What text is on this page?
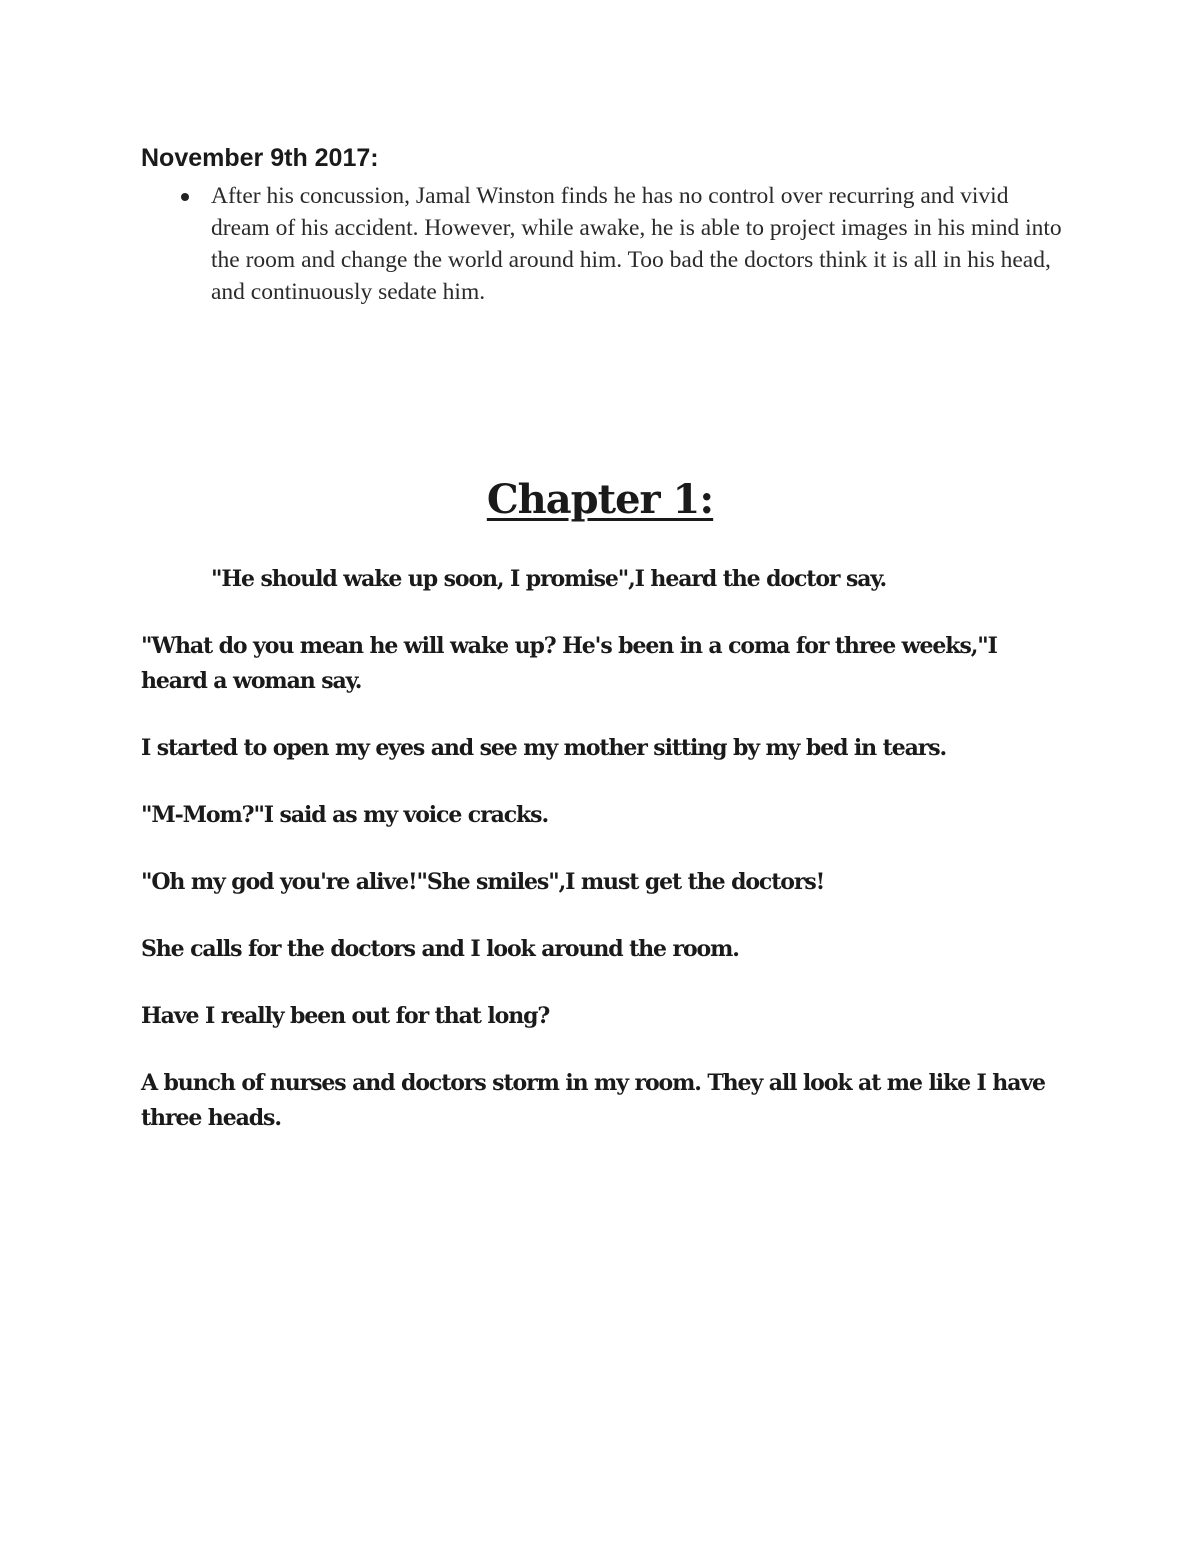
November 9th 2017:
After his concussion, Jamal Winston finds he has no control over recurring and vivid dream of his accident. However, while awake, he is able to project images in his mind into the room and change the world around him. Too bad the doctors think it is all in his head, and continuously sedate him.
Chapter 1:

"He should wake up soon, I promise",I heard the doctor say.

"What do you mean he will wake up? He's been in a coma for three weeks,"I heard a woman say.

I started to open my eyes and see my mother sitting by my bed in tears.

"M-Mom?"I said as my voice cracks.

"Oh my god you're alive!"She smiles",I must get the doctors!

She calls for the doctors and I look around the room.

Have I really been out for that long?

A bunch of nurses and doctors storm in my room. They all look at me like I have three heads.
